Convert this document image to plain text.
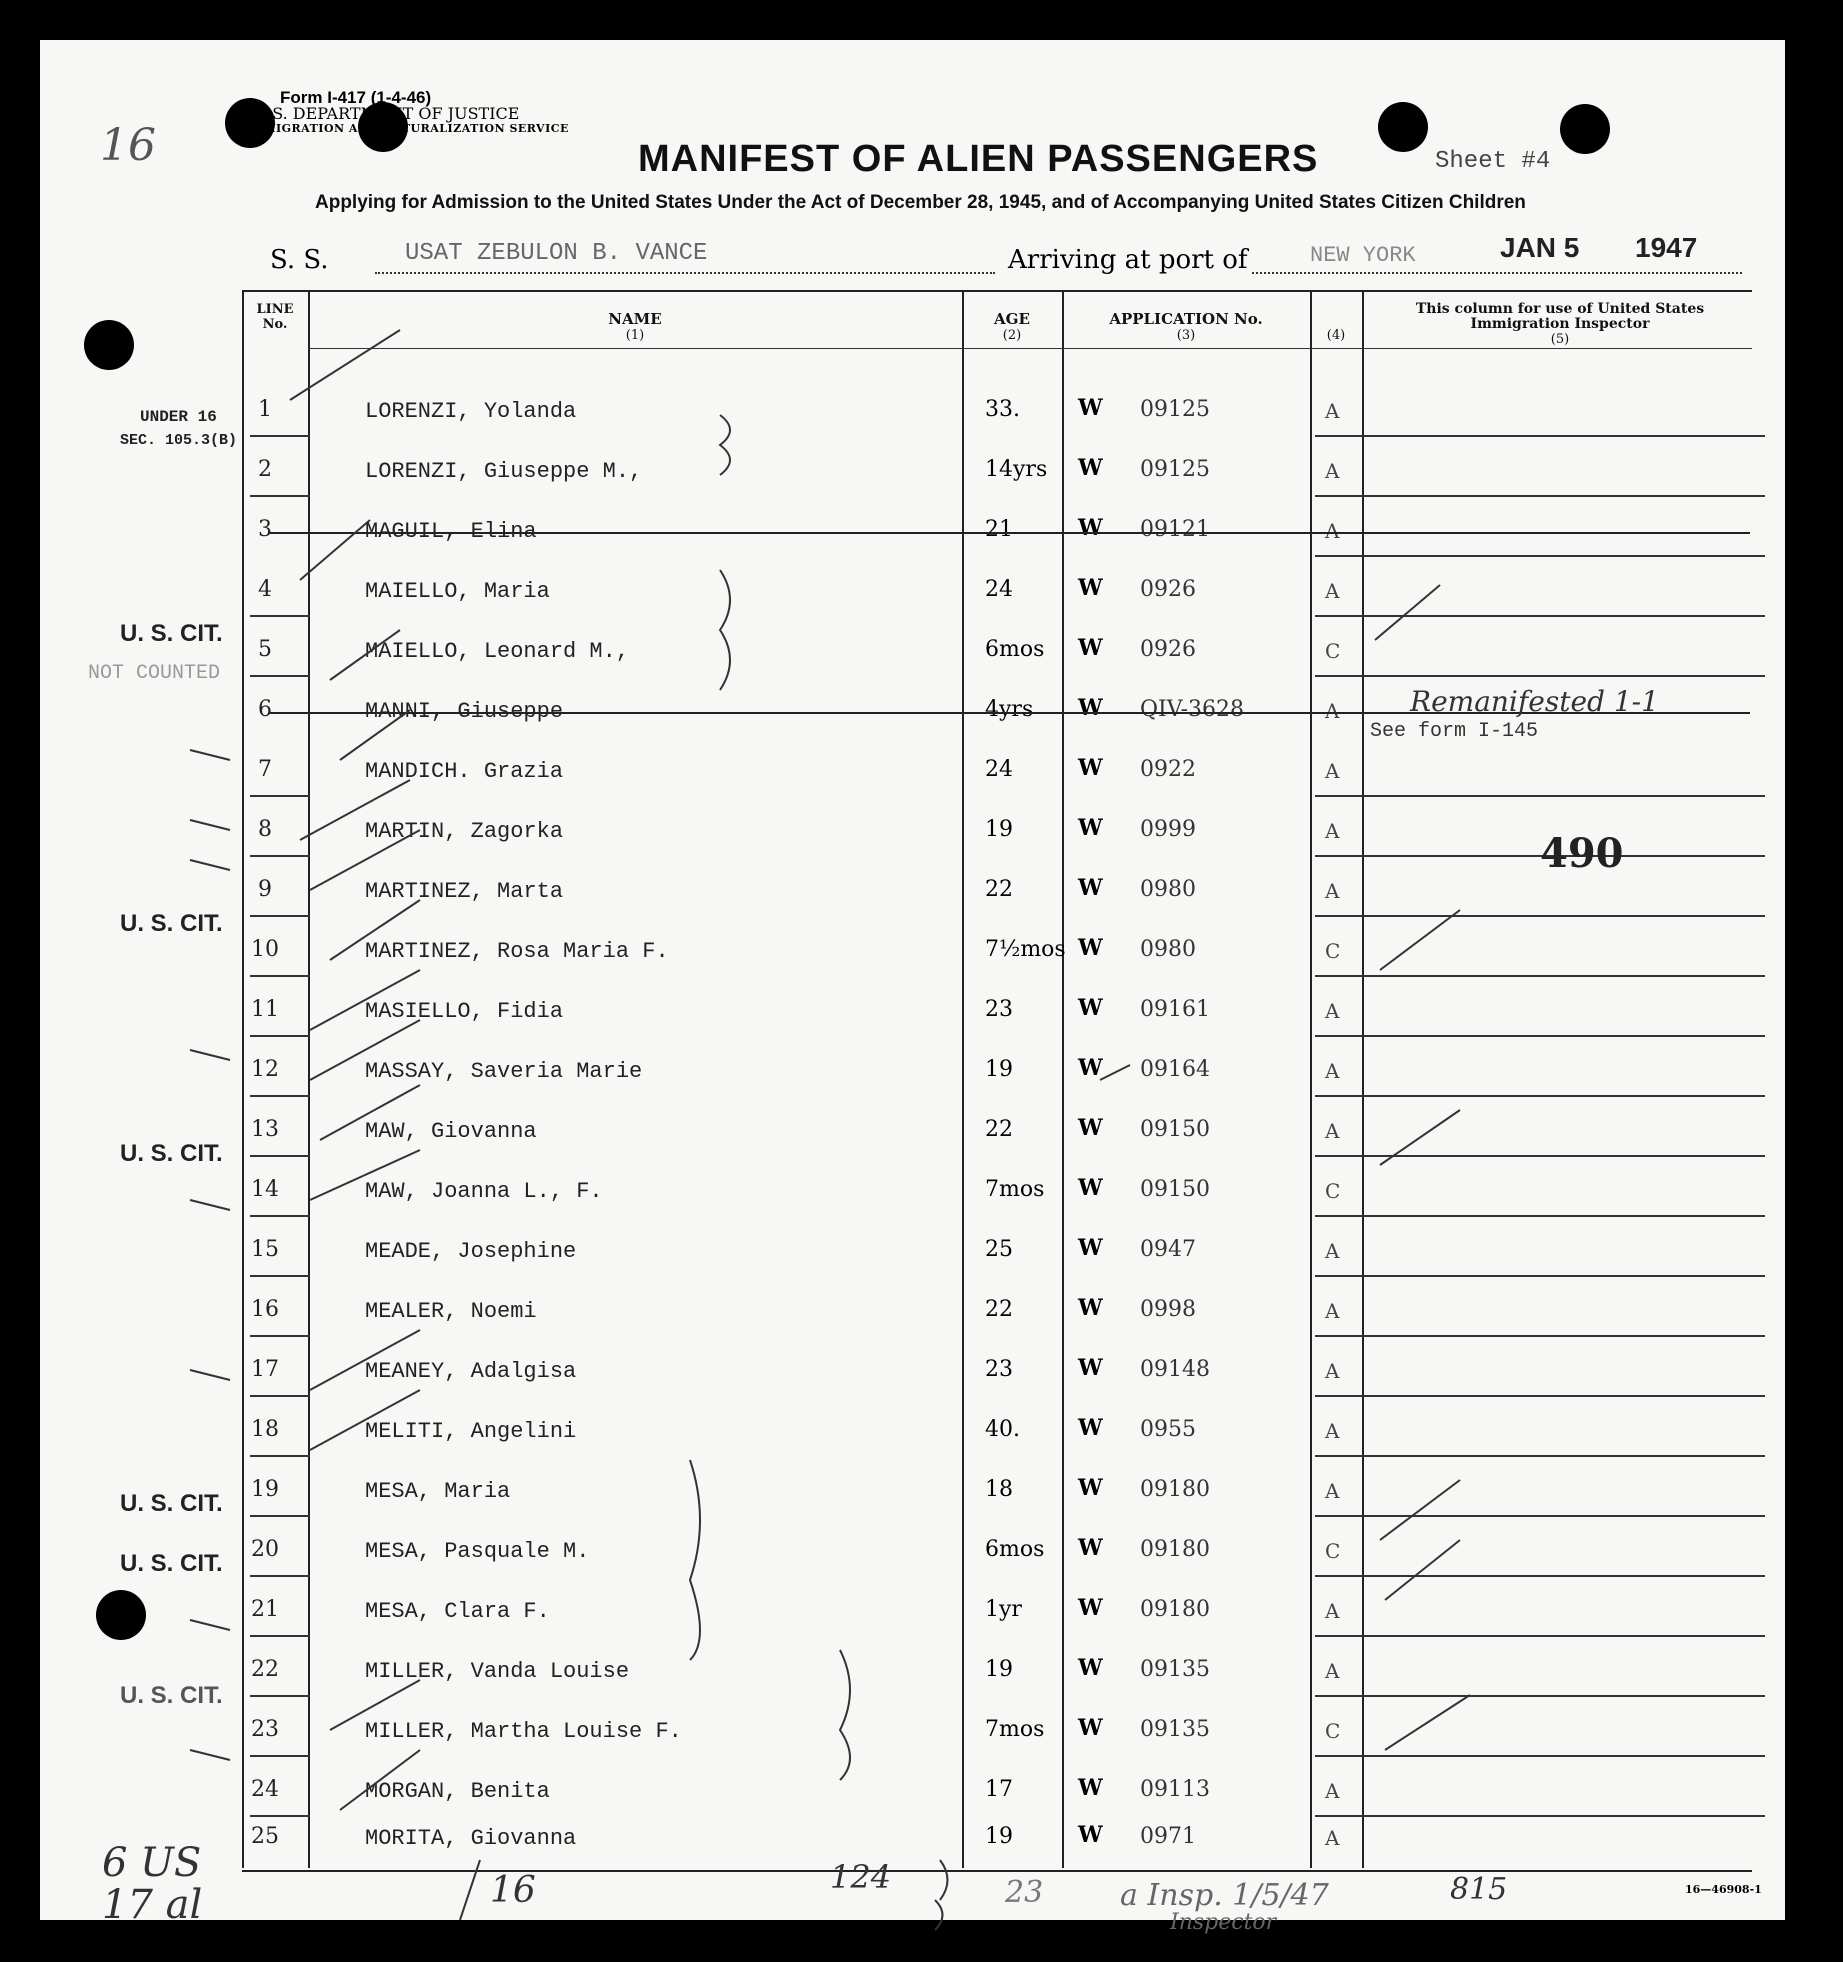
16
Form I-417 (1-4-46)
U. S. DEPARTMENT OF JUSTICE
IMMIGRATION AND NATURALIZATION SERVICE
MANIFEST OF ALIEN PASSENGERS	Sheet #4
Applying for Admission to the United States Under the Act of December 28, 1945, and of Accompanying United States Citizen Children
S. S.	USAT ZEBULON B. VANCE	Arriving at port of	NEW YORK	JAN 5 1947
LINE No.	NAME
(1)
AGE
(2)
APPLICATION No.
(3)	(4)
This column for use of United States Immigration Inspector
(5)
1	LORENZI, Yolanda	33.	W 09125	A
2	LORENZI, Giuseppe M.,	14yrs W 09125	A
3	MAGUIL, Elina	21	W 09121	A
4	MAIELLO, Maria	24	W 0926	A
5	MAIELLO, Leonard M.,	6mos W 0926	C
6	MANNI, Giuseppe	4yrs W QIV-3628	A
See form I-145
7	MANDICH. Grazia	24	W 0922	A
8	MARTIN, Zagorka	19	W 0999	A
9	MARTINEZ, Marta	22	W 0980	A
10	MARTINEZ, Rosa Maria F.	7½mos W 0980	C
11	MASIELLO, Fidia	23	W 09161	A
12	MASSAY, Saveria Marie	19	W 09164	A
13	MAW, Giovanna	22	W 09150	A
14	MAW, Joanna L., F.	7mos W 09150	C
15	MEADE, Josephine	25	W 0947	A
16	MEALER, Noemi	22	W 0998	A
17	MEANEY, Adalgisa	23	W 09148	A
18	MELITI, Angelini	40.	W 0955	A
19	MESA, Maria	18	W 09180	A
20	MESA, Pasquale M.	6mos W 09180	C
21	MESA, Clara F.	1yr	W 09180	A
22	MILLER, Vanda Louise	19	W 09135	A
23	MILLER, Martha Louise F.	7mos W 09135	C
24	MORGAN, Benita	17	W 09113	A
25	MORITA, Giovanna	19	W 0971	A
Remanifested 1-1
490
UNDER 16
SEC. 105.3(B)
U. S. CIT.
NOT COUNTED
U. S. CIT.
U. S. CIT.
U. S. CIT.
U. S. CIT.
U. S. CIT.
6 US
17 al	16	124	23	a Insp. 1/5/47
Inspector
815	16—46908-1
